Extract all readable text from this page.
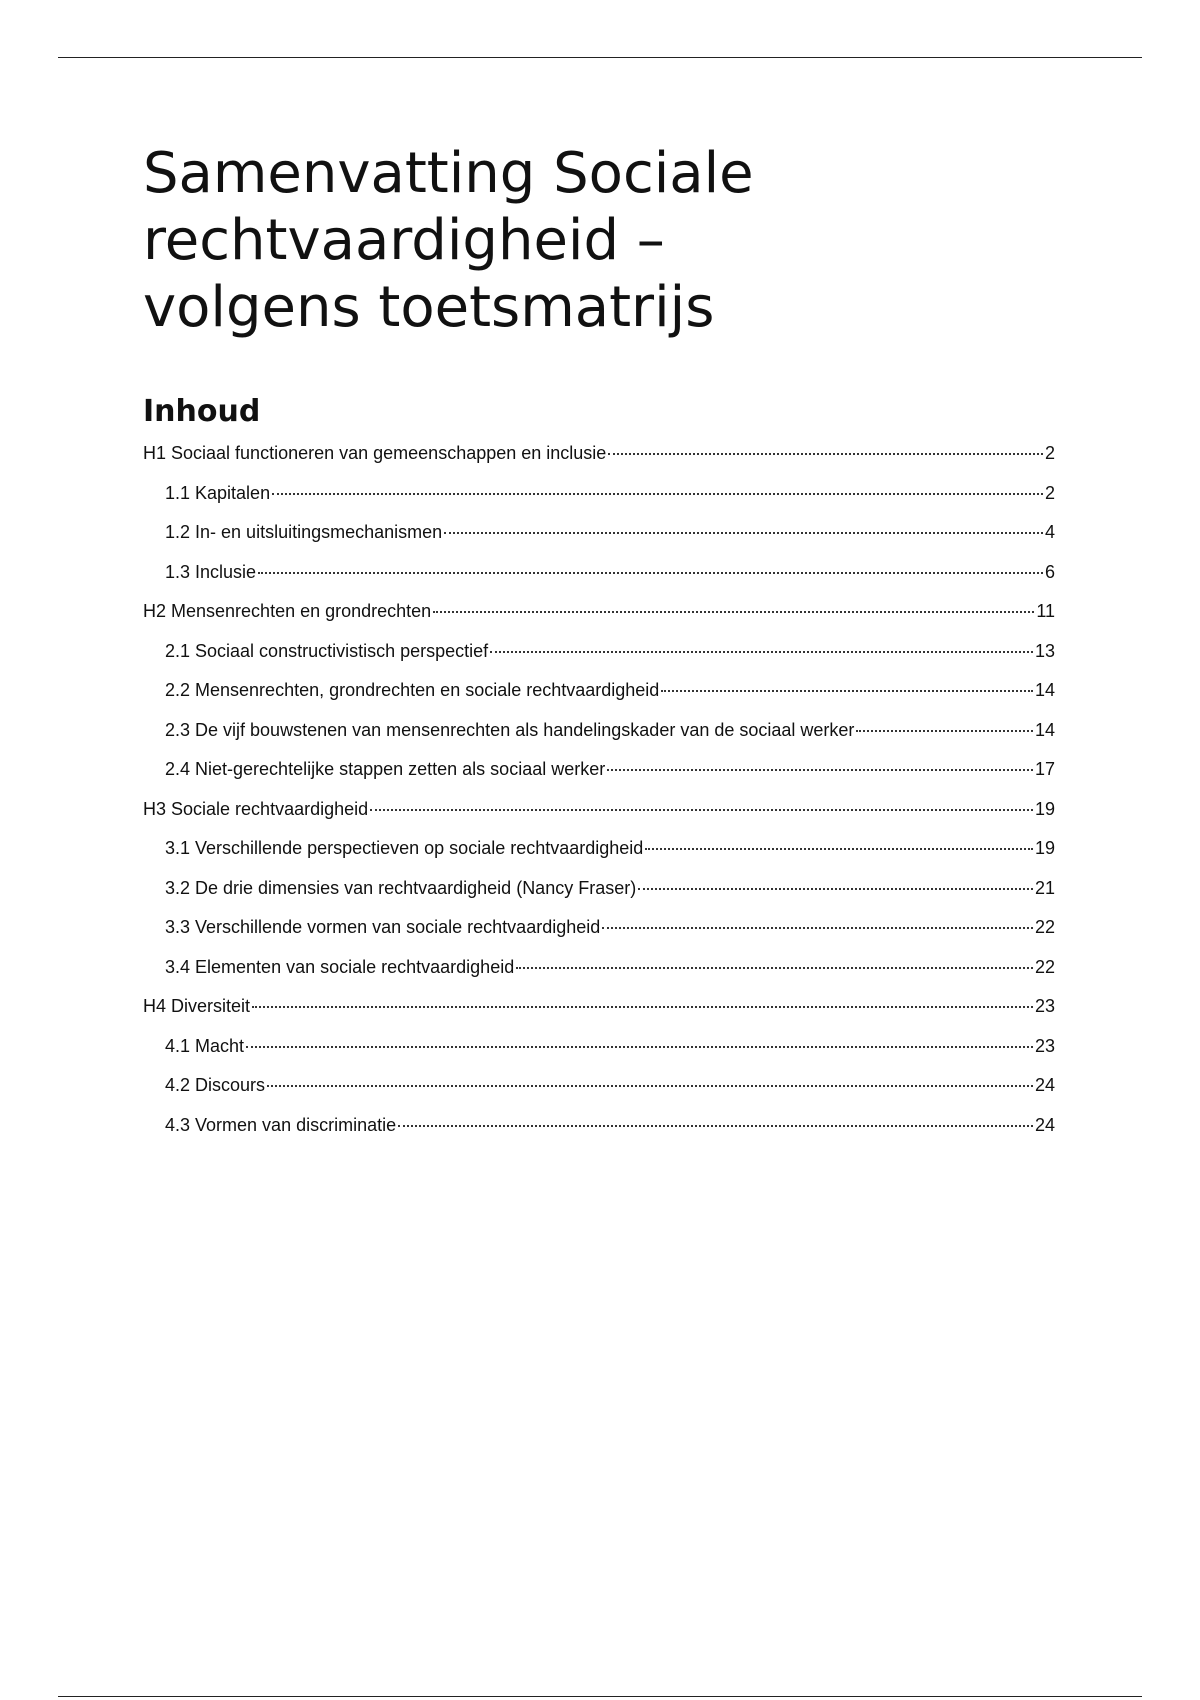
Samenvatting Sociale rechtvaardigheid – volgens toetsmatrijs
Inhoud
H1 Sociaal functioneren van gemeenschappen en inclusie	2
1.1 Kapitalen	2
1.2 In- en uitsluitingsmechanismen	4
1.3 Inclusie	6
H2 Mensenrechten en grondrechten	11
2.1 Sociaal constructivistisch perspectief	13
2.2 Mensenrechten, grondrechten en sociale rechtvaardigheid	14
2.3 De vijf bouwstenen van mensenrechten als handelingskader van de sociaal werker	14
2.4 Niet-gerechtelijke stappen zetten als sociaal werker	17
H3 Sociale rechtvaardigheid	19
3.1 Verschillende perspectieven op sociale rechtvaardigheid	19
3.2 De drie dimensies van rechtvaardigheid (Nancy Fraser)	21
3.3 Verschillende vormen van sociale rechtvaardigheid	22
3.4 Elementen van sociale rechtvaardigheid	22
H4 Diversiteit	23
4.1 Macht	23
4.2 Discours	24
4.3 Vormen van discriminatie	24
